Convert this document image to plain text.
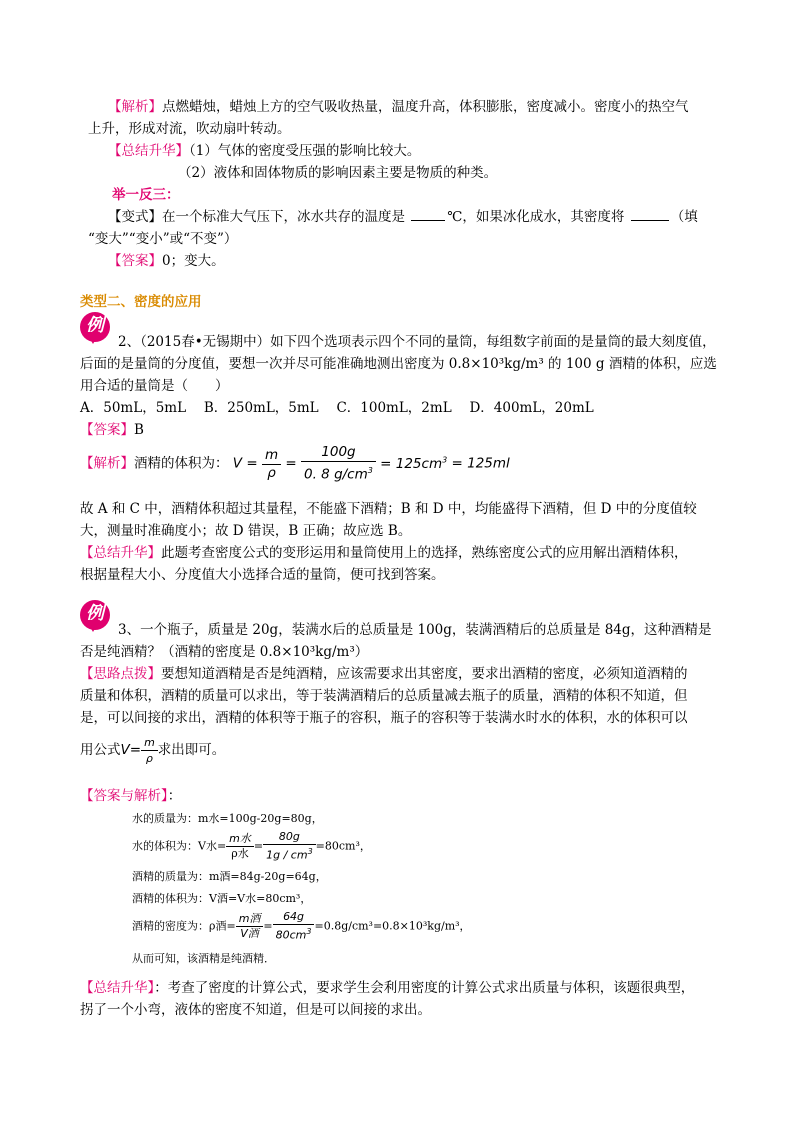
【解析】点燃蜡烛，蜡烛上方的空气吸收热量，温度升高，体积膨胀，密度减小。密度小的热空气
上升，形成对流，吹动扇叶转动。
【总结升华】（1）气体的密度受压强的影响比较大。
（2）液体和固体物质的影响因素主要是物质的种类。
举一反三：
【变式】在一个标准大气压下，冰水共存的温度是	℃，如果冰化成水，其密度将	（填
“变大”“变小”或“不变”）
【答案】0；变大。
类型二、密度的应用
例
2、（2015春•无锡期中）如下四个选项表示四个不同的量筒，每组数字前面的是量筒的最大刻度值，
后面的是量筒的分度值，要想一次并尽可能准确地测出密度为 0.8×10³kg/m³ 的 100 g 酒精的体积，应选
用合适的量筒是（　　）
A．50mL，5mL　 B．250mL，5mL　 C．100mL，2mL　 D．400mL，20mL
【答案】B
【解析】酒精的体积为： $V = \frac{m}{\rho} = \frac{100g}{0. 8 g/cm^3} = 125cm^3 = 125ml$
故 A 和 C 中，酒精体积超过其量程，不能盛下酒精；B 和 D 中，均能盛得下酒精，但 D 中的分度值较
大，测量时准确度小；故 D 错误，B 正确；故应选 B。
【总结升华】此题考查密度公式的变形运用和量筒使用上的选择，熟练密度公式的应用解出酒精体积，
根据量程大小、分度值大小选择合适的量筒，便可找到答案。
例
3、一个瓶子，质量是 20g，装满水后的总质量是 100g，装满酒精后的总质量是 84g，这种酒精是
否是纯酒精？（酒精的密度是 0.8×10³kg/m³）
【思路点拨】要想知道酒精是否是纯酒精，应该需要求出其密度，要求出酒精的密度，必须知道酒精的
质量和体积，酒精的质量可以求出，等于装满酒精后的总质量减去瓶子的质量，酒精的体积不知道，但
是，可以间接的求出，酒精的体积等于瓶子的容积，瓶子的容积等于装满水时水的体积，水的体积可以
用公式$V= \frac{m}{\rho}$ 求出即可。
【答案与解析】：
水的质量为：m水=100g-20g=80g，
水的体积为：V水= $\frac{\text{m水}}{\text{ρ水}} = \frac{80g}{1g / cm^3} =80cm^3$，
酒精的质量为：m酒=84g-20g=64g，
酒精的体积为：V酒=V水=80cm³，
酒精的密度为：ρ酒= $\frac{\text{m酒}}{\text{V酒}} = \frac{64g}{80cm^3} =0.8g/cm^3=0.8\times 10^3kg/m^3$，
从而可知，该酒精是纯酒精．
【总结升华】：考查了密度的计算公式，要求学生会利用密度的计算公式求出质量与体积，该题很典型，
拐了一个小弯，液体的密度不知道，但是可以间接的求出。
